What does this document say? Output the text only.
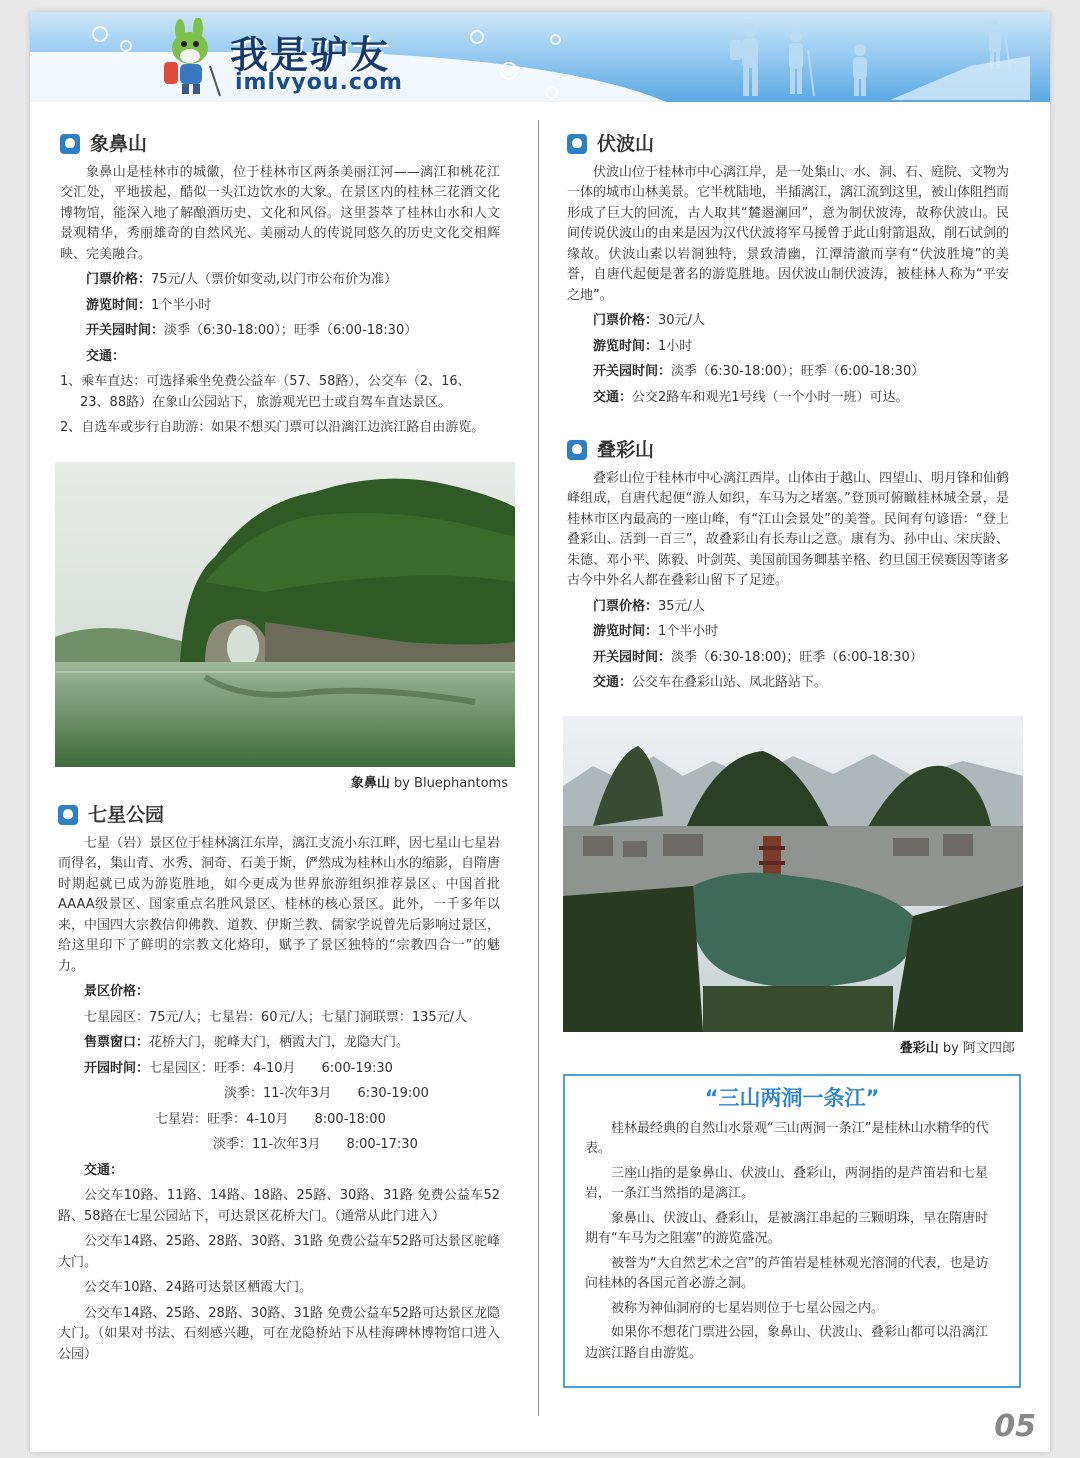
我是驴友
imlvyou.com
象鼻山

象鼻山是桂林市的城徽，位于桂林市区两条美丽江河——漓江和桃花江交汇处，平地拔起，酷似一头江边饮水的大象。在景区内的桂林三花酒文化博物馆，能深入地了解酿酒历史、文化和风俗。这里荟萃了桂林山水和人文景观精华，秀丽雄奇的自然风光、美丽动人的传说同悠久的历史文化交相辉映、完美融合。

门票价格：75元/人（票价如变动,以门市公布价为准）

游览时间：1个半小时

开关园时间：淡季（6:30-18:00）；旺季（6:00-18:30）

交通：

1、乘车直达：可选择乘坐免费公益车（57、58路），公交车（2、16、23、88路）在象山公园站下，旅游观光巴士或自驾车直达景区。

2、自选车或步行自助游：如果不想买门票可以沿漓江边滨江路自由游览。

象鼻山 by Bluephantoms
七星公园

七星（岩）景区位于桂林漓江东岸，漓江支流小东江畔，因七星山七星岩而得名，集山青、水秀、洞奇、石美于斯，俨然成为桂林山水的缩影，自隋唐时期起就已成为游览胜地，如今更成为世界旅游组织推荐景区、中国首批AAAA级景区、国家重点名胜风景区、桂林的核心景区。此外，一千多年以来，中国四大宗教信仰佛教、道教、伊斯兰教、儒家学说曾先后影响过景区，给这里印下了鲜明的宗教文化烙印，赋予了景区独特的“宗教四合一”的魅力。

景区价格：

七星园区：75元/人；七星岩：60元/人；七星门洞联票：135元/人

售票窗口：花桥大门，驼峰大门，栖霞大门，龙隐大门。

开园时间：七星园区：旺季：4-10月　　6:00-19:30

淡季：11-次年3月　　6:30-19:00

七星岩：旺季：4-10月　　8:00-18:00

淡季：11-次年3月　　8:00-17:30

交通：

公交车10路、11路、14路、18路、25路、30路、31路 免费公益车52路、58路在七星公园站下，可达景区花桥大门。（通常从此门进入）

公交车14路、25路、28路、30路、31路 免费公益车52路可达景区驼峰大门。

公交车10路、24路可达景区栖霞大门。

公交车14路、25路、28路、30路、31路 免费公益车52路可达景区龙隐大门。（如果对书法、石刻感兴趣，可在龙隐桥站下从桂海碑林博物馆口进入公园）

伏波山

伏波山位于桂林市中心漓江岸，是一处集山、水、洞、石、庭院、文物为一体的城市山林美景。它半枕陆地，半插漓江，漓江流到这里，被山体阻挡而形成了巨大的回流，古人取其“麓遏澜回”，意为制伏波涛，故称伏波山。民间传说伏波山的由来是因为汉代伏波将军马援曾于此山射箭退敌，削石试剑的缘故。伏波山素以岩洞独特，景致清幽，江潭清澈而享有“伏波胜境”的美誉，自唐代起便是著名的游览胜地。因伏波山制伏波涛，被桂林人称为“平安之地”。

门票价格：30元/人

游览时间：1小时

开关园时间：淡季（6:30-18:00）；旺季（6:00-18:30）

交通：公交2路车和观光1号线（一个小时一班）可达。

叠彩山

叠彩山位于桂林市中心漓江西岸。山体由于越山、四望山、明月锋和仙鹤峰组成，自唐代起便“游人如织，车马为之堵塞。”登顶可俯瞰桂林城全景，是桂林市区内最高的一座山峰，有“江山会景处”的美誉。民间有句谚语：“登上叠彩山、活到一百三”，故叠彩山有长寿山之意。康有为、孙中山、宋庆龄、朱德、邓小平、陈毅、叶剑英、美国前国务卿基辛格、约旦国王侯赛因等诸多古今中外名人都在叠彩山留下了足迹。

门票价格：35元/人

游览时间：1个半小时

开关园时间：淡季（6:30-18:00)；旺季（6:00-18:30）

交通：公交车在叠彩山站、凤北路站下。

叠彩山 by 阿文四郎
“三山两洞一条江”

桂林最经典的自然山水景观“三山两洞一条江”是桂林山水精华的代表。

三座山指的是象鼻山、伏波山、叠彩山，两洞指的是芦笛岩和七星岩，一条江当然指的是漓江。

象鼻山、伏波山、叠彩山，是被漓江串起的三颗明珠，早在隋唐时期有“车马为之阻塞”的游览盛况。

被誉为“大自然艺术之宫”的芦笛岩是桂林观光溶洞的代表，也是访问桂林的各国元首必游之洞。

被称为神仙洞府的七星岩则位于七星公园之内。

如果你不想花门票进公园，象鼻山、伏波山、叠彩山都可以沿漓江边滨江路自由游览。

05
